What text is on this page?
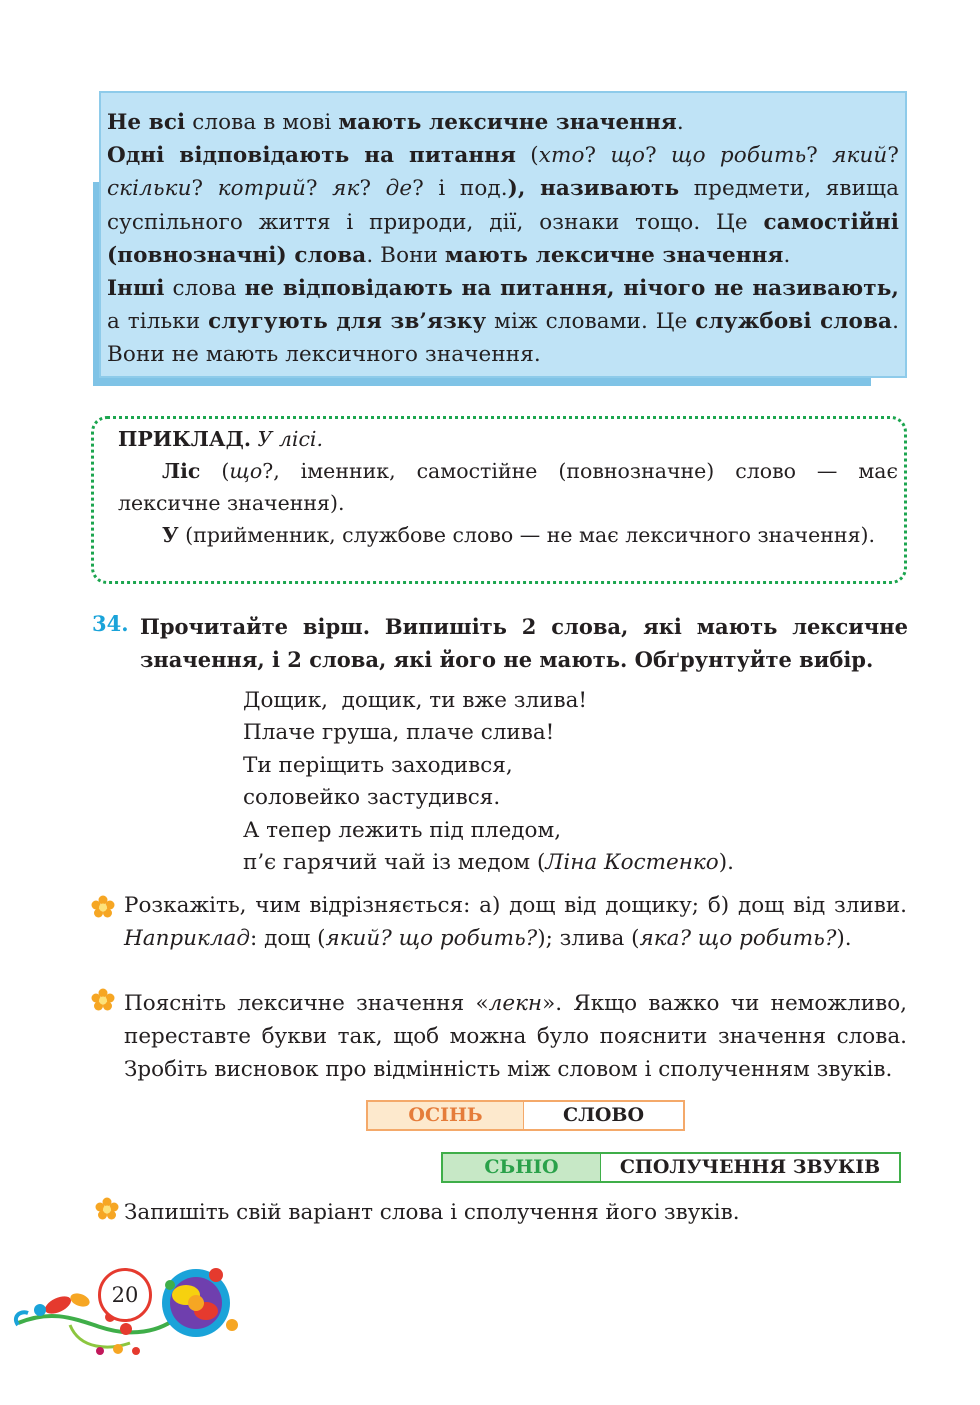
Не всі слова в мові мають лексичне значення.

Одні відповідають на питання (хто? що? що робить? який? скільки? котрий? як? де? і под.), називають предмети, явища суспільного життя і природи, дії, ознаки тощо. Це самостійні (повнозначні) слова. Вони мають лексичне значення.

Інші слова не відповідають на питання, нічого не називають, а тільки слугують для зв’язку між словами. Це службові слова. Вони не мають лексичного значення.

ПРИКЛАД. У лісі.

Ліс (що?, іменник, самостійне (повнозначне) слово — має лексичне значення).

У (прийменник, службове слово — не має лексичного значення).

34. Прочитайте вірш. Випишіть 2 слова, які мають лексичне значення, і 2 слова, які його не мають. Обґрунтуйте вибір.
Дощик,  дощик, ти вже злива!
Плаче груша, плаче слива!
Ти періщить заходився,
соловейко застудився.
А тепер лежить під пледом,
п’є гарячий чай із медом (Ліна Костенко).
Розкажіть, чим відрізняється: а) дощ від дощику; б) дощ від зливи. Наприклад: дощ (який? що робить?); злива (яка? що робить?).
Поясніть лексичне значення «лекн». Якщо важко чи неможливо, переставте букви так, щоб можна було пояснити значення слова. Зробіть висновок про відмінність між словом і сполученням звуків.
ОСІНЬ	СЛОВО
СЬНІО	СПОЛУЧЕННЯ ЗВУКІВ
Запишіть свій варіант слова і сполучення його звуків.
20
